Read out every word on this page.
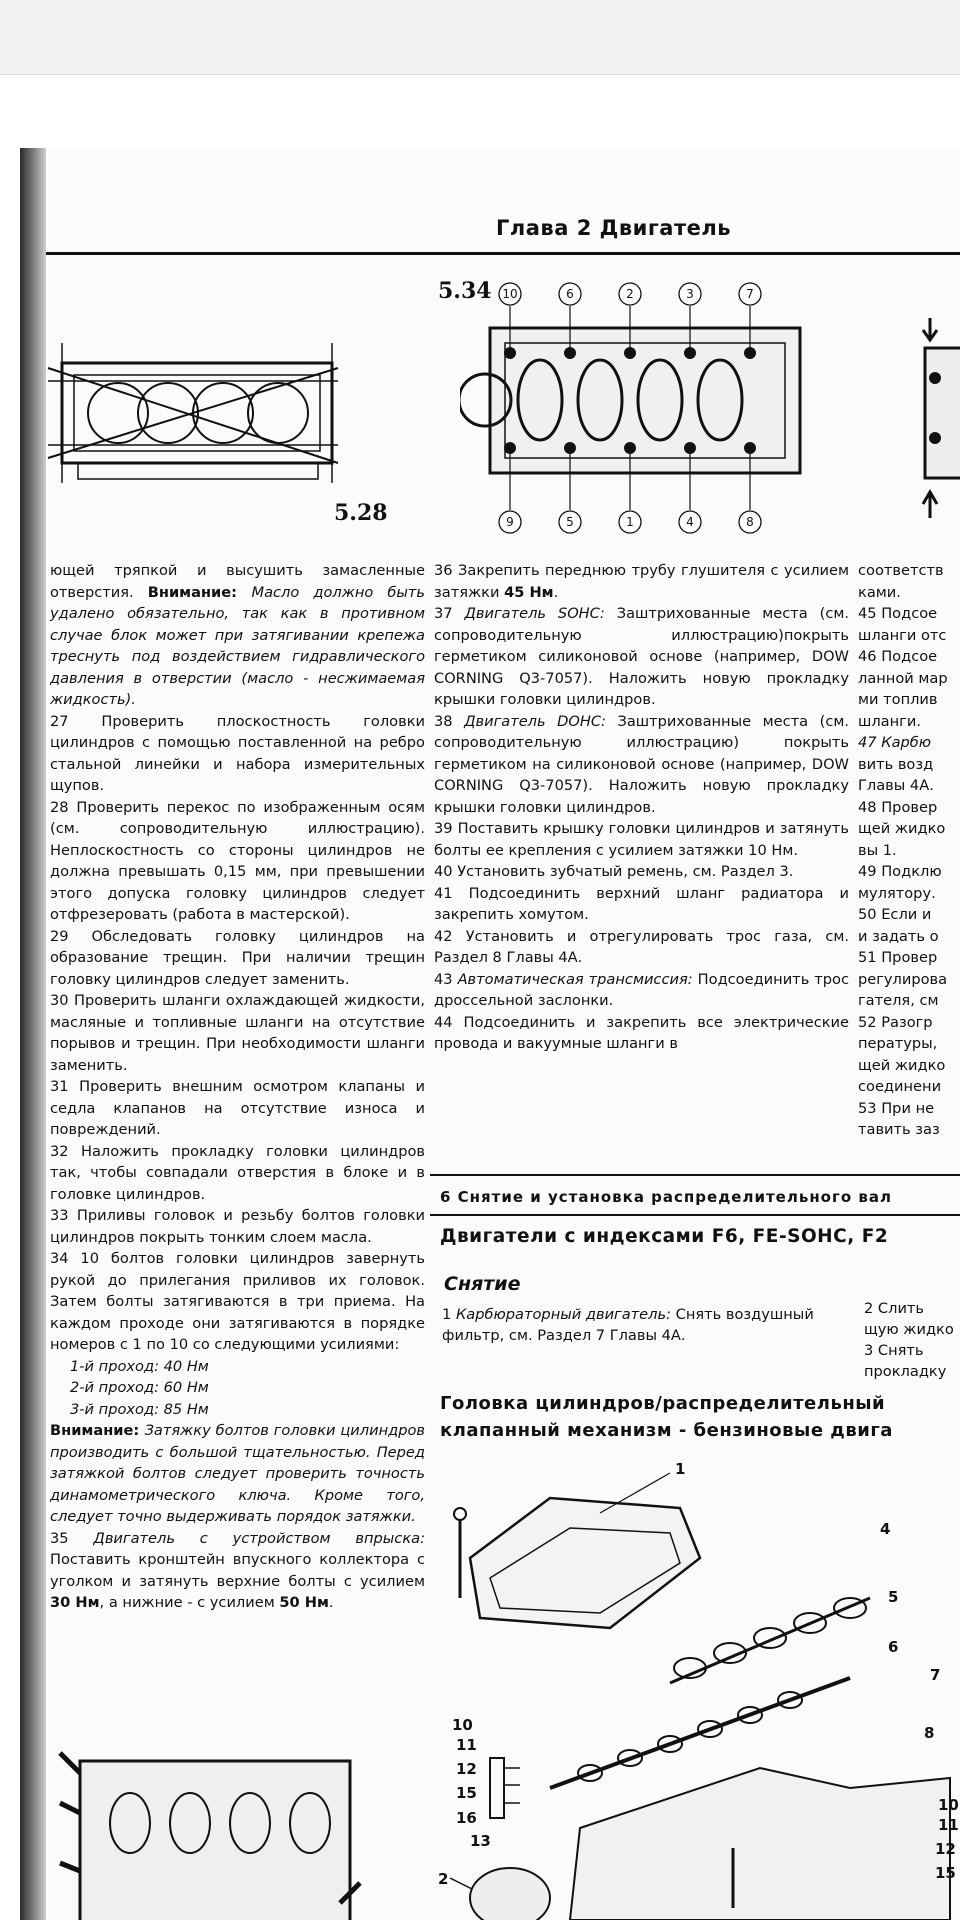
Глава 2 Двигатель
5.28
5.34 10	6	2	3	7
9	5	1	4	8

ющей тряпкой и высушить замасленные отверстия. Внимание: Масло должно быть удалено обязательно, так как в противном случае блок может при затягивании крепежа треснуть под воздействием гидравлического давления в отверстии (масло - несжимаемая жидкость).

27 Проверить плоскостность головки цилиндров с помощью поставленной на ребро стальной линейки и набора измерительных щупов.

28 Проверить перекос по изображенным осям (см. сопроводительную иллюстрацию). Неплоскостность со стороны цилиндров не должна превышать 0,15 мм, при превышении этого допуска головку цилиндров следует отфрезеровать (работа в мастерской).

29 Обследовать головку цилиндров на образование трещин. При наличии трещин головку цилиндров следует заменить.

30 Проверить шланги охлаждающей жидкости, масляные и топливные шланги на отсутствие порывов и трещин. При необходимости шланги заменить.

31 Проверить внешним осмотром клапаны и седла клапанов на отсутствие износа и повреждений.

32 Наложить прокладку головки цилиндров так, чтобы совпадали отверстия в блоке и в головке цилиндров.

33 Приливы головок и резьбу болтов головки цилиндров покрыть тонким слоем масла.

34 10 болтов головки цилиндров завернуть рукой до прилегания приливов их головок. Затем болты затягиваются в три приема. На каждом проходе они затягиваются в порядке номеров с 1 по 10 со следующими усилиями:

1-й проход: 40 Нм

2-й проход: 60 Нм

3-й проход: 85 Нм

Внимание: Затяжку болтов головки цилиндров производить с большой тщательностью. Перед затяжкой болтов следует проверить точность динамометрического ключа. Кроме того, следует точно выдерживать порядок затяжки.

35 Двигатель с устройством впрыска: Поставить кронштейн впускного коллектора с уголком и затянуть верхние болты с усилием 30 Нм, а нижние - с усилием 50 Нм.

36 Закрепить переднюю трубу глушителя с усилием затяжки 45 Нм.

37 Двигатель SOHC: Заштрихованные места (см. сопроводительную иллюстрацию)покрыть герметиком силиконовой основе (например, DOW CORNING Q3-7057). Наложить новую прокладку крышки головки цилиндров.

38 Двигатель DOHC: Заштрихованные места (см. сопроводительную иллюстрацию) покрыть герметиком на силиконовой основе (например, DOW CORNING Q3-7057). Наложить новую прокладку крышки головки цилиндров.

39 Поставить крышку головки цилиндров и затянуть болты ее крепления с усилием затяжки 10 Нм.

40 Установить зубчатый ремень, см. Раздел 3.

41 Подсоединить верхний шланг радиатора и закрепить хомутом.

42 Установить и отрегулировать трос газа, см. Раздел 8 Главы 4А.

43 Автоматическая трансмиссия: Подсоединить трос дроссельной заслонки.

44 Подсоединить и закрепить все электрические провода и вакуумные шланги в

соответств
ками.
45 Подсое
шланги отс
46 Подсое
ланной мар
ми топлив
шланги.
47 Карбю
вить возд
Главы 4А.
48 Провер
щей жидко
вы 1.
49 Подклю
мулятору.
50 Если и
и задать о
51 Провер
регулирова
гателя, см
52 Разогр
пературы,
щей жидко
соединени
53 При не
тавить заз
6 Снятие и установка распределительного вал
Двигатели с индексами F6, FE-SOHC, F2
Снятие
1 Карбюраторный двигатель: Снять воздушный фильтр, см. Раздел 7 Главы 4А.
2 Слить
щую жидко
3 Снять
прокладку
Головка цилиндров/распределительный
клапанный механизм - бензиновые двига
1
4
5
6
7
8
10
11
12
15
16
13
2
10
11
12
15
